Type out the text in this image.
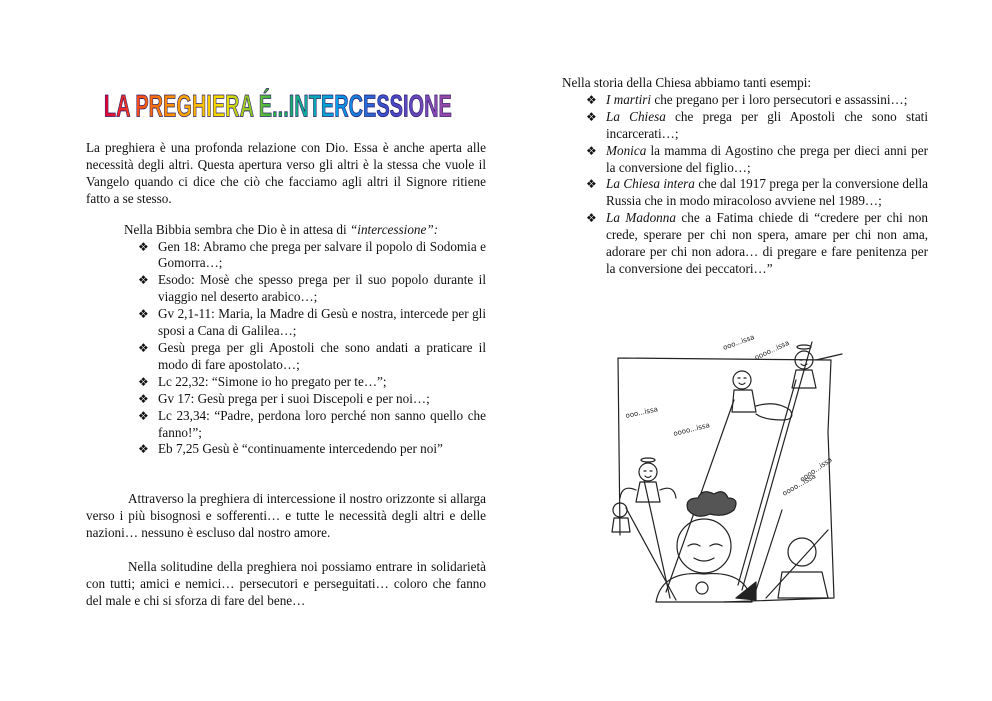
LA PREGHIERA É...INTERCESSIONE

La preghiera è una profonda relazione con Dio. Essa è anche aperta alle necessità degli altri. Questa apertura verso gli altri è la stessa che vuole il Vangelo quando ci dice che ciò che facciamo agli altri il Signore ritiene fatto a se stesso.

Nella Bibbia sembra che Dio è in attesa di “intercessione”:
❖ Gen 18: Abramo che prega per salvare il popolo di Sodomia e Gomorra…;
❖ Esodo: Mosè che spesso prega per il suo popolo durante il viaggio nel deserto arabico…;
❖ Gv 2,1-11: Maria, la Madre di Gesù e nostra, intercede per gli sposi a Cana di Galilea…;
❖ Gesù prega per gli Apostoli che sono andati a praticare il modo di fare apostolato…;
❖ Lc 22,32: “Simone io ho pregato per te…”;
❖ Gv 17: Gesù prega per i suoi Discepoli e per noi…;
❖ Lc 23,34: “Padre, perdona loro perché non sanno quello che fanno!”;
❖ Eb 7,25 Gesù è “continuamente intercedendo per noi”

Attraverso la preghiera di intercessione il nostro orizzonte si allarga verso i più bisognosi e sofferenti… e tutte le necessità degli altri e delle nazioni… nessuno è escluso dal nostro amore.

Nella solitudine della preghiera noi possiamo entrare in solidarietà con tutti; amici e nemici… persecutori e perseguitati… coloro che fanno del male e chi si sforza di fare del bene…

Nella storia della Chiesa abbiamo tanti esempi:
❖ I martiri che pregano per i loro persecutori e assassini…;
❖ La Chiesa che prega per gli Apostoli che sono stati incarcerati…;
❖ Monica la mamma di Agostino che prega per dieci anni per la conversione del figlio…;
❖ La Chiesa intera che dal 1917 prega per la conversione della Russia che in modo miracoloso avviene nel 1989…;
❖ La Madonna che a Fatima chiede di “credere per chi non crede, sperare per chi non spera, amare per chi non ama, adorare per chi non adora… di pregare e fare penitenza per la conversione dei peccatori…”
ooo...issa
oooo...issa
ooo...issa
oooo...issa
oooo...issa
oooo...issa
